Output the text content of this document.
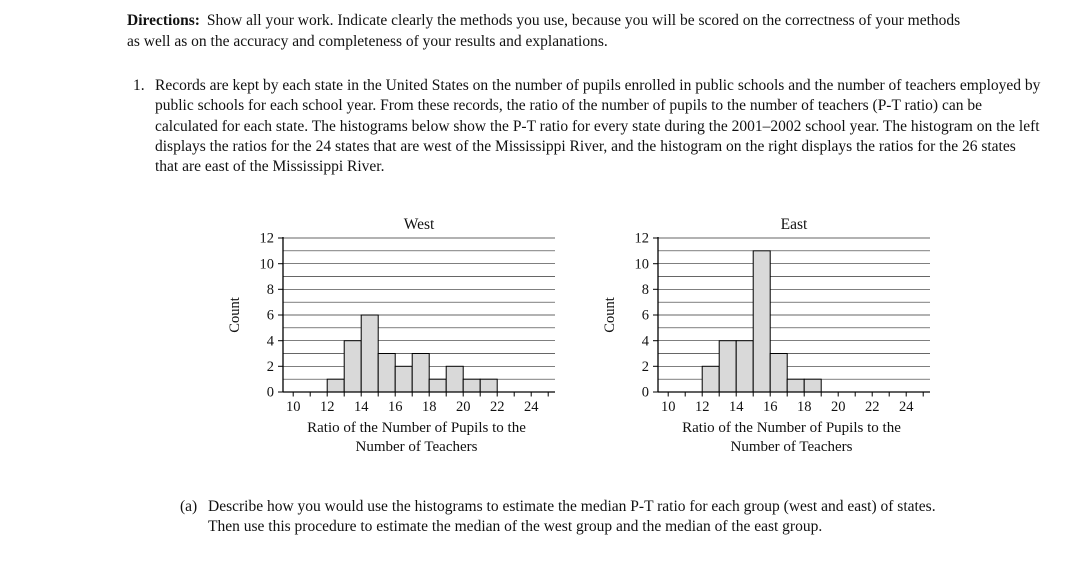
Directions: Show all your work. Indicate clearly the methods you use, because you will be scored on the correctness of your methods as well as on the accuracy and completeness of your results and explanations.

1. Records are kept by each state in the United States on the number of pupils enrolled in public schools and the number of teachers employed by public schools for each school year. From these records, the ratio of the number of pupils to the number of teachers (P-T ratio) can be calculated for each state. The histograms below show the P-T ratio for every state during the 2001–2002 school year. The histogram on the left displays the ratios for the 24 states that are west of the Mississippi River, and the histogram on the right displays the ratios for the 26 states that are east of the Mississippi River.
0
2
4
6
8
10
12
10 12 14 16 18 20 22 24
West
Count
Ratio of the Number of Pupils to the Number of Teachers
0
2
4
6
8
10
12
10 12 14 16 18 20 22 24
East
Count
Ratio of the Number of Pupils to the Number of Teachers
(a) Describe how you would use the histograms to estimate the median P-T ratio for each group (west and east) of states. Then use this procedure to estimate the median of the west group and the median of the east group.
